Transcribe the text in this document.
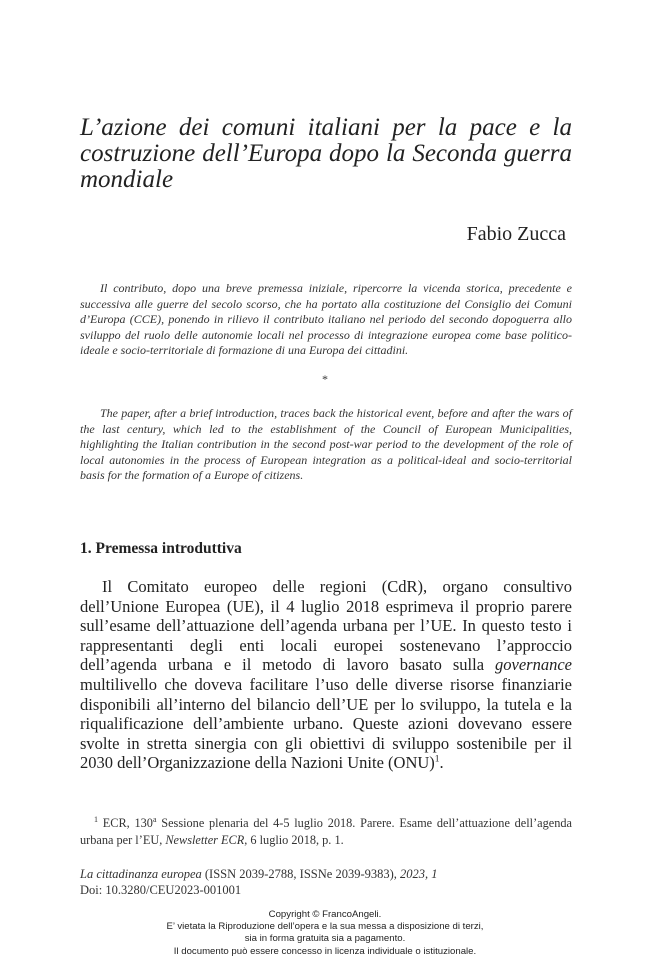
L’azione dei comuni italiani per la pace e la costruzione dell’Europa dopo la Seconda guerra mondiale

Fabio Zucca

Il contributo, dopo una breve premessa iniziale, ripercorre la vicenda storica, precedente e successiva alle guerre del secolo scorso, che ha portato alla costituzione del Consiglio dei Comuni d’Europa (CCE), ponendo in rilievo il contributo italiano nel periodo del secondo dopoguerra allo sviluppo del ruolo delle autonomie locali nel processo di integrazione europea come base politico-ideale e socio-territoriale di formazione di una Europa dei cittadini.

*

The paper, after a brief introduction, traces back the historical event, before and after the wars of the last century, which led to the establishment of the Council of European Municipalities, highlighting the Italian contribution in the second post-war period to the development of the role of local autonomies in the process of European integration as a political-ideal and socio-territorial basis for the formation of a Europe of citizens.

1. Premessa introduttiva

Il Comitato europeo delle regioni (CdR), organo consultivo dell’Unione Europea (UE), il 4 luglio 2018 esprimeva il proprio parere sull’esame dell’attuazione dell’agenda urbana per l’UE. In questo testo i rappresentanti degli enti locali europei sostenevano l’approccio dell’agenda urbana e il metodo di lavoro basato sulla governance multilivello che doveva facilitare l’uso delle diverse risorse finanziarie disponibili all’interno del bilancio dell’UE per lo sviluppo, la tutela e la riqualificazione dell’ambiente urbano. Queste azioni dovevano essere svolte in stretta sinergia con gli obiettivi di sviluppo sostenibile per il 2030 dell’Organizzazione della Nazioni Unite (ONU)$^1$.

$^1$ ECR, 130$^a$ Sessione plenaria del 4-5 luglio 2018. Parere. Esame dell’attuazione dell’agenda urbana per l’EU, Newsletter ECR, 6 luglio 2018, p. 1.

La cittadinanza europea (ISSN 2039-2788, ISSNe 2039-9383), 2023, 1
Doi: 10.3280/CEU2023-001001
Copyright © FrancoAngeli.
E’ vietata la Riproduzione dell’opera e la sua messa a disposizione di terzi,
sia in forma gratuita sia a pagamento.
Il documento può essere concesso in licenza individuale o istituzionale.
